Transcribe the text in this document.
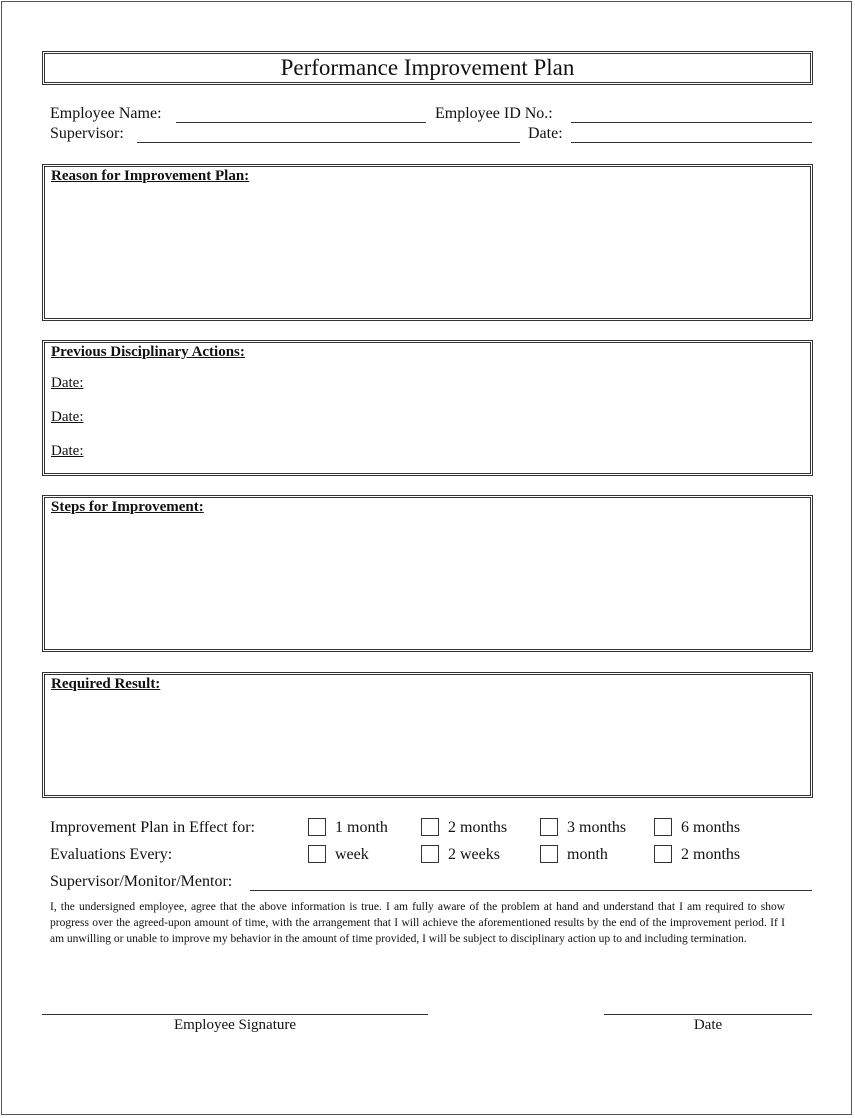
Performance Improvement Plan
Employee Name:	Employee ID No.:
Supervisor:	Date:
Reason for Improvement Plan:
Previous Disciplinary Actions:
Date:
Date:
Date:
Steps for Improvement:
Required Result:
Improvement Plan in Effect for:	1 month	2 months	3 months	6 months
Evaluations Every:	week	2 weeks	month	2 months
Supervisor/Monitor/Mentor:
I, the undersigned employee, agree that the above information is true. I am fully aware of the problem at hand and understand that I am required to show progress over the agreed-upon amount of time, with the arrangement that I will achieve the aforementioned results by the end of the improvement period. If I am unwilling or unable to improve my behavior in the amount of time provided, I will be subject to disciplinary action up to and including termination.
Employee Signature	Date
